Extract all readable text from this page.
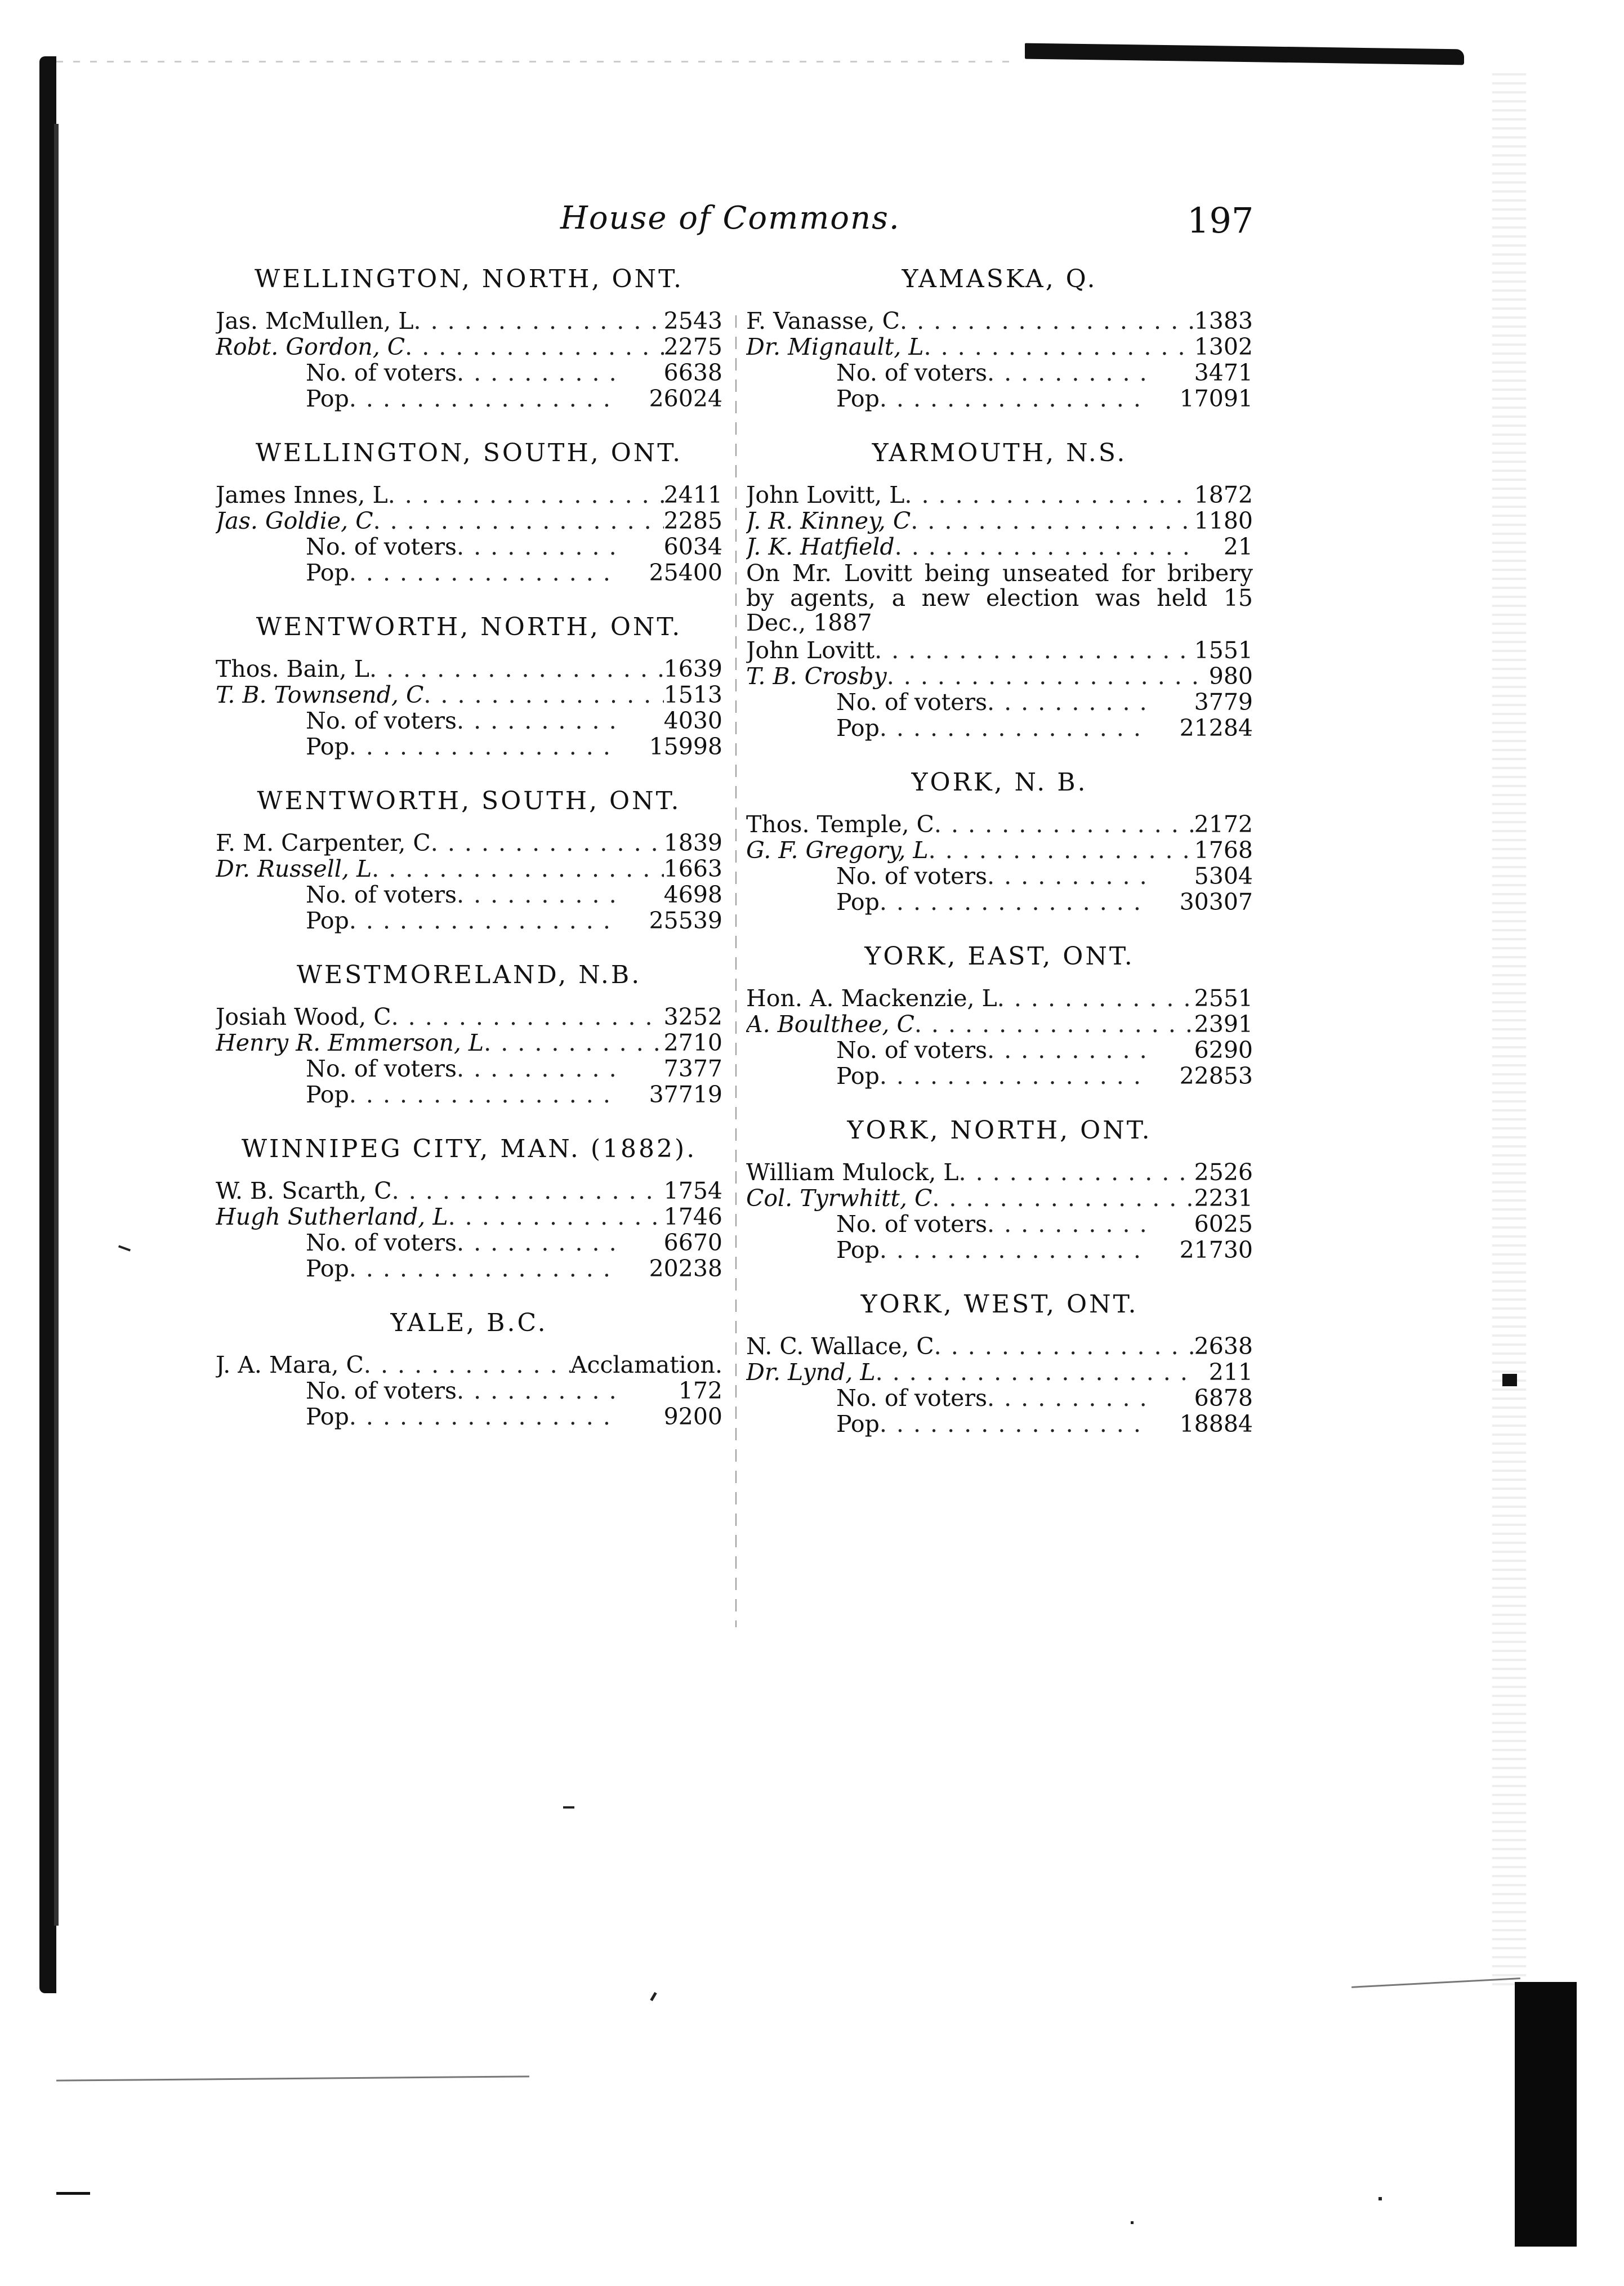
House of Commons.	197
WELLINGTON, NORTH, ONT.
Jas. McMullen, L . . .	2543
Robt. Gordon, C . . .	2275
No. of voters . . .	6638
Pop . . .	26024
WELLINGTON, SOUTH, ONT.
James Innes, L . . .	2411
Jas. Goldie, C . . .	2285
No. of voters . . .	6034
Pop . . .	25400
WENTWORTH, NORTH, ONT.
Thos. Bain, L . . .	1639
T. B. Townsend, C . . .	1513
No. of voters . . .	4030
Pop . . .	15998
WENTWORTH, SOUTH, ONT.
F. M. Carpenter, C . . .	1839
Dr. Russell, L . . .	1663
No. of voters . . .	4698
Pop . . .	25539
WESTMORELAND, N.B.
Josiah Wood, C . . .	3252
Henry R. Emmerson, L . . .	2710
No. of voters . . .	7377
Pop . . .	37719
WINNIPEG CITY, MAN. (1882).
W. B. Scarth, C . . .	1754
Hugh Sutherland, L . . .	1746
No. of voters . . .	6670
Pop . . .	20238
YALE, B.C.
J. A. Mara, C . . .	Acclamation.
No. of voters . . .	172
Pop . . .	9200
YAMASKA, Q.
F. Vanasse, C . . .	1383
Dr. Mignault, L . . .	1302
No. of voters . . .	3471
Pop . . .	17091
YARMOUTH, N.S.
John Lovitt, L . . .	1872
J. R. Kinney, C . . .	1180
J. K. Hatfield . . .	21
On Mr. Lovitt being unseated for bribery by agents, a new election was held 15 Dec., 1887
John Lovitt . . .	1551
T. B. Crosby . . .	980
No. of voters . . .	3779
Pop . . .	21284
YORK, N. B.
Thos. Temple, C . . .	2172
G. F. Gregory, L . . .	1768
No. of voters . . .	5304
Pop . . .	30307
YORK, EAST, ONT.
Hon. A. Mackenzie, L . . .	2551
A. Boulthee, C . . .	2391
No. of voters . . .	6290
Pop . . .	22853
YORK, NORTH, ONT.
William Mulock, L . . .	2526
Col. Tyrwhitt, C . . .	2231
No. of voters . . .	6025
Pop . . .	21730
YORK, WEST, ONT.
N. C. Wallace, C . . .	2638
Dr. Lynd, L . . .	211
No. of voters . . .	6878
Pop . . .	18884
